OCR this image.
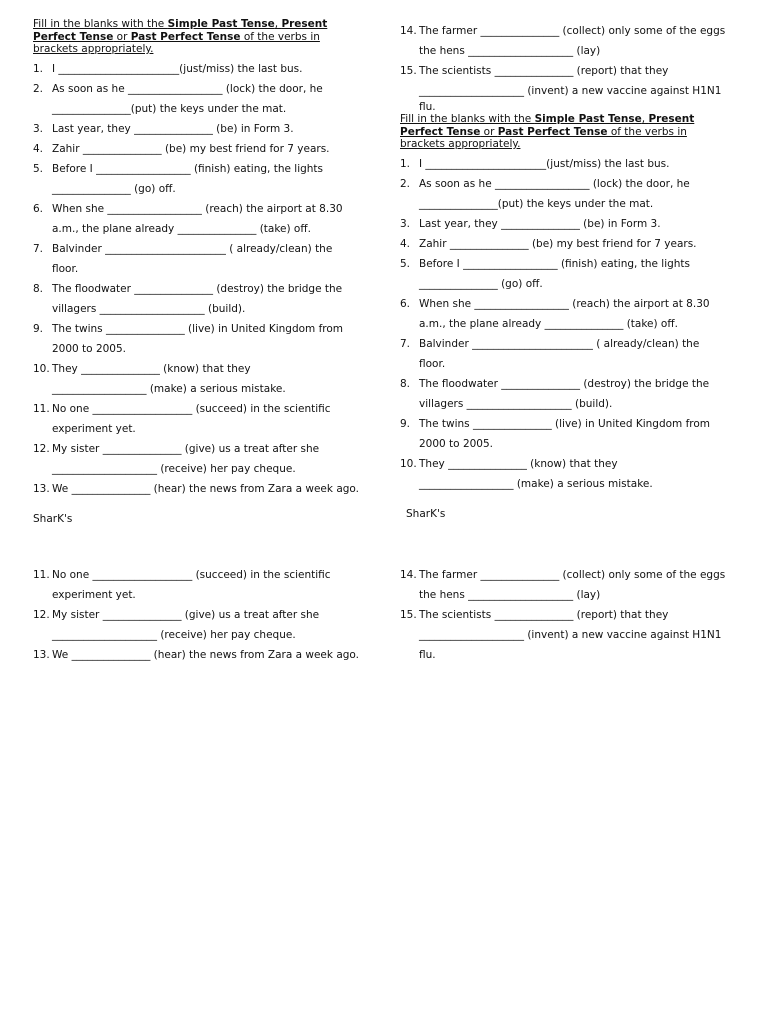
Fill in the blanks with the Simple Past Tense, Present Perfect Tense or Past Perfect Tense of the verbs in brackets appropriately.
1. I _______________________(just/miss) the last bus.
2. As soon as he __________________ (lock) the door, he
_______________(put) the keys under the mat.
3. Last year, they _______________ (be) in Form 3.
4. Zahir _______________ (be) my best friend for 7 years.
5. Before I __________________ (finish) eating, the lights
_______________ (go) off.
6. When she __________________ (reach) the airport at 8.30
a.m., the plane already _______________ (take) off.
7. Balvinder _______________________ ( already/clean) the
floor.
8. The floodwater _______________ (destroy) the bridge the
villagers ____________________ (build).
9. The twins _______________ (live) in United Kingdom from
2000 to 2005.
10. They _______________ (know) that they
__________________ (make) a serious mistake.
11. No one ___________________ (succeed) in the scientific
experiment yet.
12. My sister _______________ (give) us a treat after she
____________________ (receive) her pay cheque.
13. We _______________ (hear) the news from Zara a week ago.
SharK's
14. The farmer _______________ (collect) only some of the eggs
the hens ____________________ (lay)
15. The scientists _______________ (report) that they
____________________ (invent) a new vaccine against H1N1
flu.
Fill in the blanks with the Simple Past Tense, Present Perfect Tense or Past Perfect Tense of the verbs in brackets appropriately.
1. I _______________________(just/miss) the last bus.
2. As soon as he __________________ (lock) the door, he
_______________(put) the keys under the mat.
3. Last year, they _______________ (be) in Form 3.
4. Zahir _______________ (be) my best friend for 7 years.
5. Before I __________________ (finish) eating, the lights
_______________ (go) off.
6. When she __________________ (reach) the airport at 8.30
a.m., the plane already _______________ (take) off.
7. Balvinder _______________________ ( already/clean) the
floor.
8. The floodwater _______________ (destroy) the bridge the
villagers ____________________ (build).
9. The twins _______________ (live) in United Kingdom from
2000 to 2005.
10. They _______________ (know) that they
__________________ (make) a serious mistake.
SharK's
11. No one ___________________ (succeed) in the scientific
experiment yet.
12. My sister _______________ (give) us a treat after she
____________________ (receive) her pay cheque.
13. We _______________ (hear) the news from Zara a week ago.
14. The farmer _______________ (collect) only some of the eggs
the hens ____________________ (lay)
15. The scientists _______________ (report) that they
____________________ (invent) a new vaccine against H1N1
flu.
